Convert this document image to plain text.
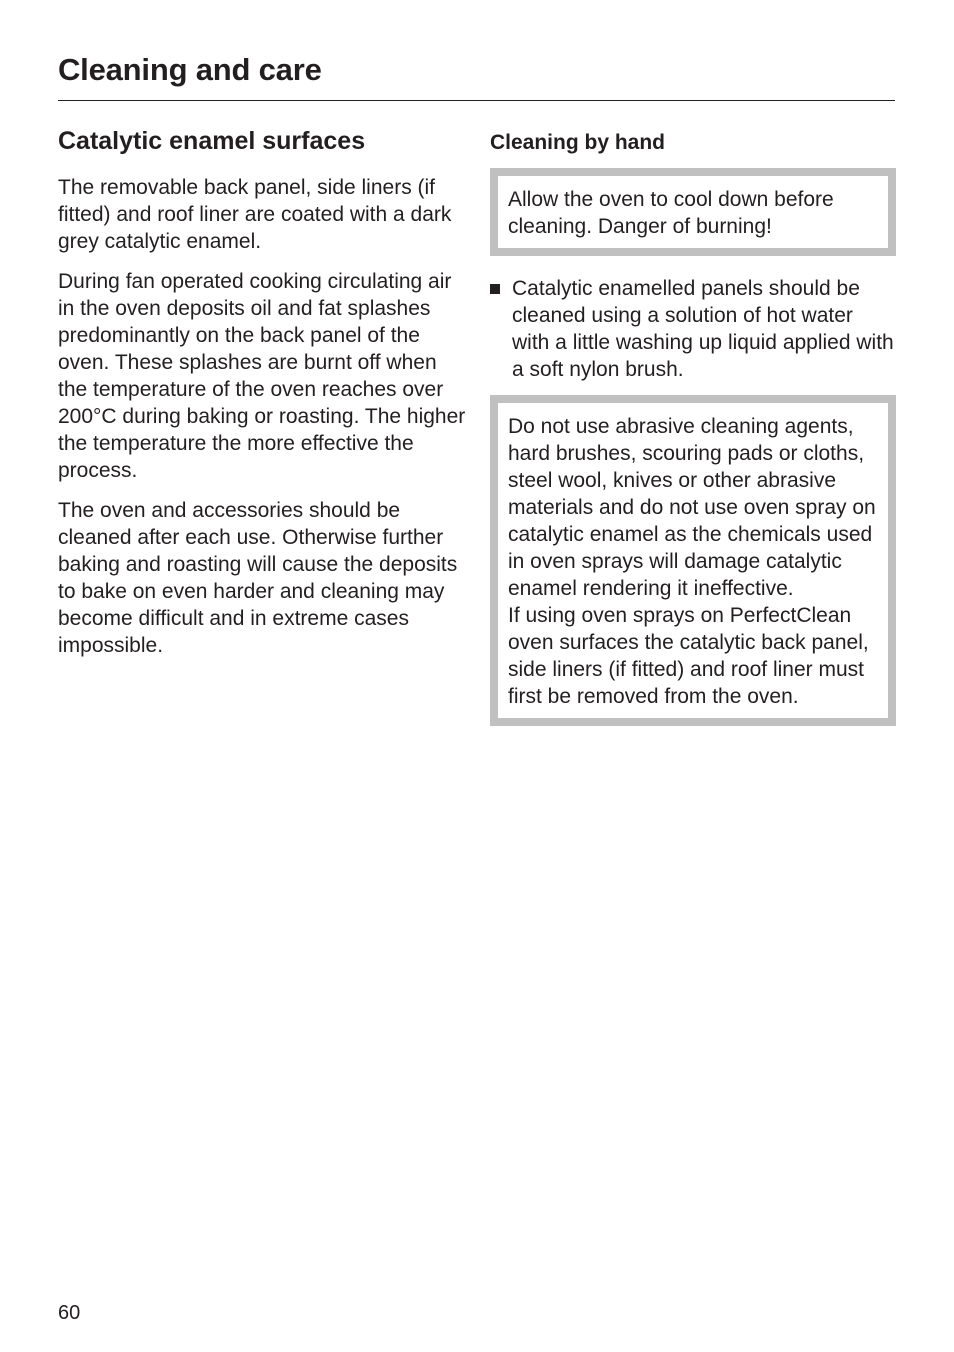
Cleaning and care
Catalytic enamel surfaces

The removable back panel, side liners (if fitted) and roof liner are coated with a dark grey catalytic enamel.

During fan operated cooking circulating air in the oven deposits oil and fat splashes predominantly on the back panel of the oven. These splashes are burnt off when the temperature of the oven reaches over 200°C during baking or roasting. The higher the temperature the more effective the process.

The oven and accessories should be cleaned after each use. Otherwise further baking and roasting will cause the deposits to bake on even harder and cleaning may become difficult and in extreme cases impossible.

Cleaning by hand
Allow the oven to cool down before cleaning. Danger of burning!
Catalytic enamelled panels should be cleaned using a solution of hot water with a little washing up liquid applied with a soft nylon brush.
Do not use abrasive cleaning agents, hard brushes, scouring pads or cloths, steel wool, knives or other abrasive materials and do not use oven spray on catalytic enamel as the chemicals used in oven sprays will damage catalytic enamel rendering it ineffective.
If using oven sprays on PerfectClean oven surfaces the catalytic back panel, side liners (if fitted) and roof liner must first be removed from the oven.
60
